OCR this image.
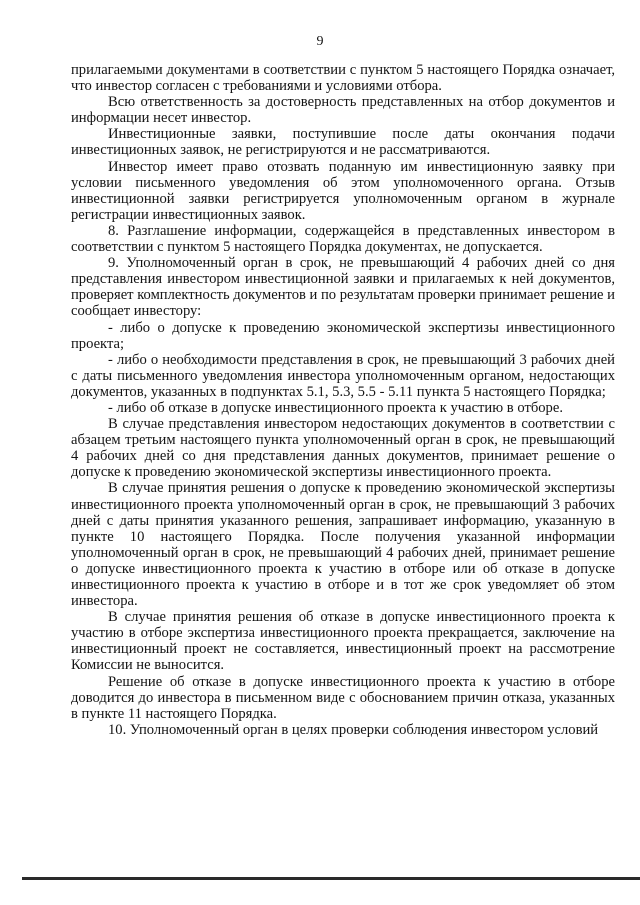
9

прилагаемыми документами в соответствии с пунктом 5 настоящего Порядка означает, что инвестор согласен с требованиями и условиями отбора.

Всю ответственность за достоверность представленных на отбор документов и информации несет инвестор.

Инвестиционные заявки, поступившие после даты окончания подачи инвестиционных заявок, не регистрируются и не рассматриваются.

Инвестор имеет право отозвать поданную им инвестиционную заявку при условии письменного уведомления об этом уполномоченного органа. Отзыв инвестиционной заявки регистрируется уполномоченным органом в журнале регистрации инвестиционных заявок.

8. Разглашение информации, содержащейся в представленных инвестором в соответствии с пунктом 5 настоящего Порядка документах, не допускается.

9. Уполномоченный орган в срок, не превышающий 4 рабочих дней со дня представления инвестором инвестиционной заявки и прилагаемых к ней документов, проверяет комплектность документов и по результатам проверки принимает решение и сообщает инвестору:

- либо о допуске к проведению экономической экспертизы инвестиционного проекта;

- либо о необходимости представления в срок, не превышающий 3 рабочих дней с даты письменного уведомления инвестора уполномоченным органом, недостающих документов, указанных в подпунктах 5.1, 5.3, 5.5 - 5.11 пункта 5 настоящего Порядка;

- либо об отказе в допуске инвестиционного проекта к участию в отборе.

В случае представления инвестором недостающих документов в соответствии с абзацем третьим настоящего пункта уполномоченный орган в срок, не превышающий 4 рабочих дней со дня представления данных документов, принимает решение о допуске к проведению экономической экспертизы инвестиционного проекта.

В случае принятия решения о допуске к проведению экономической экспертизы инвестиционного проекта уполномоченный орган в срок, не превышающий 3 рабочих дней с даты принятия указанного решения, запрашивает информацию, указанную в пункте 10 настоящего Порядка. После получения указанной информации уполномоченный орган в срок, не превышающий 4 рабочих дней, принимает решение о допуске инвестиционного проекта к участию в отборе или об отказе в допуске инвестиционного проекта к участию в отборе и в тот же срок уведомляет об этом инвестора.

В случае принятия решения об отказе в допуске инвестиционного проекта к участию в отборе экспертиза инвестиционного проекта прекращается, заключение на инвестиционный проект не составляется, инвестиционный проект на рассмотрение Комиссии не выносится.

Решение об отказе в допуске инвестиционного проекта к участию в отборе доводится до инвестора в письменном виде с обоснованием причин отказа, указанных в пункте 11 настоящего Порядка.

10. Уполномоченный орган в целях проверки соблюдения инвестором условий
